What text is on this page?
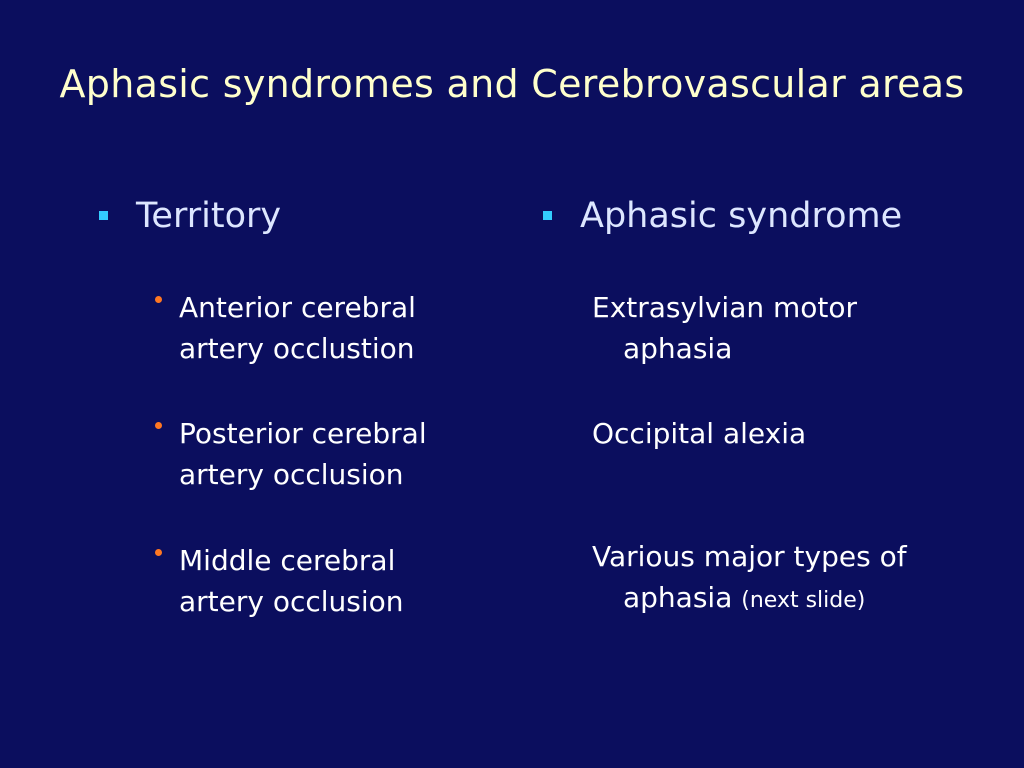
Aphasic syndromes and Cerebrovascular areas
Territory
Anterior cerebral
artery occlustion
Posterior cerebral
artery occlusion
Middle cerebral
artery occlusion
Aphasic syndrome
Extrasylvian motor
aphasia
Occipital alexia
Various major types of
aphasia (next slide)
